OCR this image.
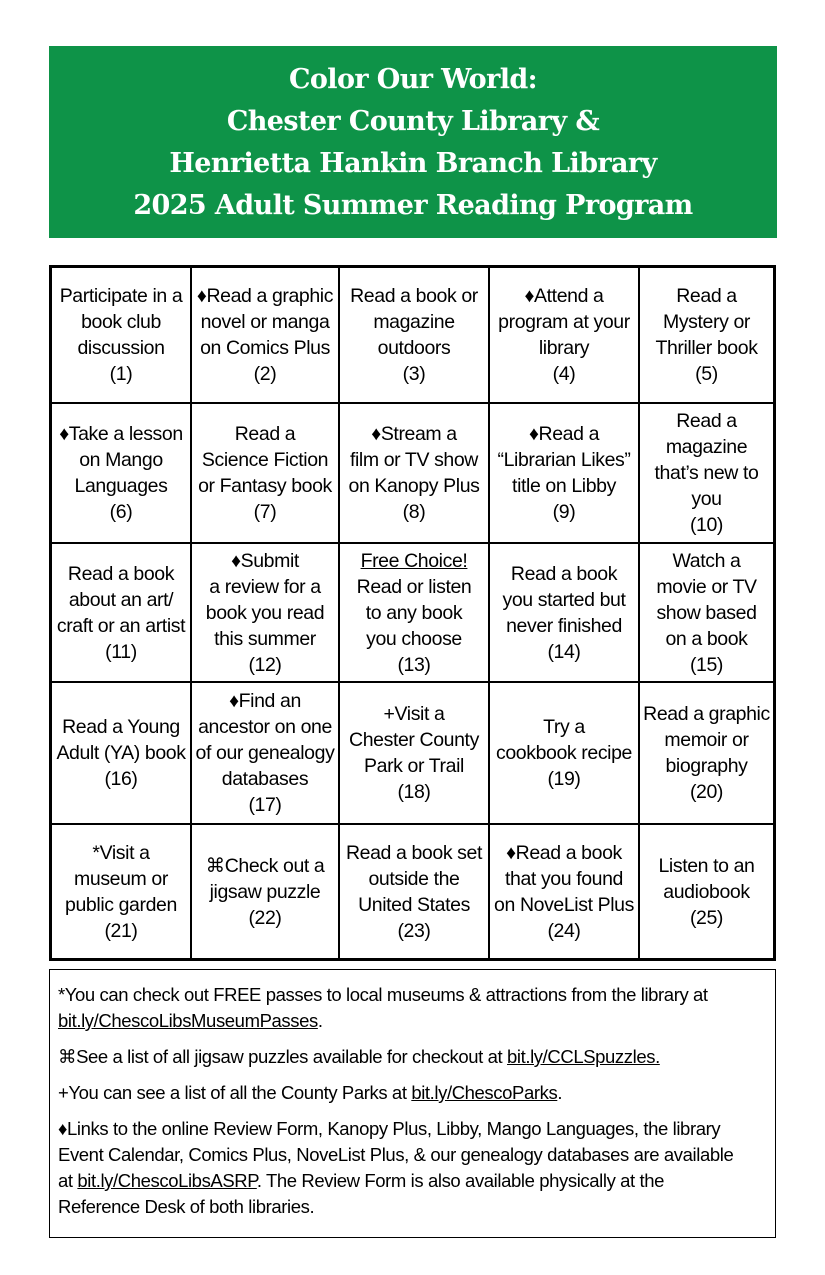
Color Our World:
Chester County Library &
Henrietta Hankin Branch Library
2025 Adult Summer Reading Program
Participate in a
book club
discussion
(1)
♦Read a graphic
novel or manga
on Comics Plus
(2)
Read a book or
magazine
outdoors
(3)
♦Attend a
program at your
library
(4)
Read a
Mystery or
Thriller book
(5)
♦Take a lesson
on Mango
Languages
(6)
Read a
Science Fiction
or Fantasy book
(7)
♦Stream a
film or TV show
on Kanopy Plus
(8)
♦Read a
“Librarian Likes”
title on Libby
(9)
Read a
magazine
that’s new to
you
(10)
Read a book
about an art/
craft or an artist
(11)
♦Submit
a review for a
book you read
this summer
(12)
Free Choice!
Read or listen
to any book
you choose
(13)
Read a book
you started but
never finished
(14)
Watch a
movie or TV
show based
on a book
(15)
Read a Young
Adult (YA) book
(16)
♦Find an
ancestor on one
of our genealogy
databases
(17)
+Visit a
Chester County
Park or Trail
(18)
Try a
cookbook recipe
(19)
Read a graphic
memoir or
biography
(20)
*Visit a
museum or
public garden
(21)
⌘Check out a
jigsaw puzzle
(22)
Read a book set
outside the
United States
(23)
♦Read a book
that you found
on NoveList Plus
(24)
Listen to an
audiobook
(25)
*You can check out FREE passes to local museums & attractions from the library at
bit.ly/ChescoLibsMuseumPasses.
⌘See a list of all jigsaw puzzles available for checkout at bit.ly/CCLSpuzzles.
+You can see a list of all the County Parks at bit.ly/ChescoParks.
♦Links to the online Review Form, Kanopy Plus, Libby, Mango Languages, the library
Event Calendar, Comics Plus, NoveList Plus, & our genealogy databases are available
at bit.ly/ChescoLibsASRP. The Review Form is also available physically at the
Reference Desk of both libraries.
